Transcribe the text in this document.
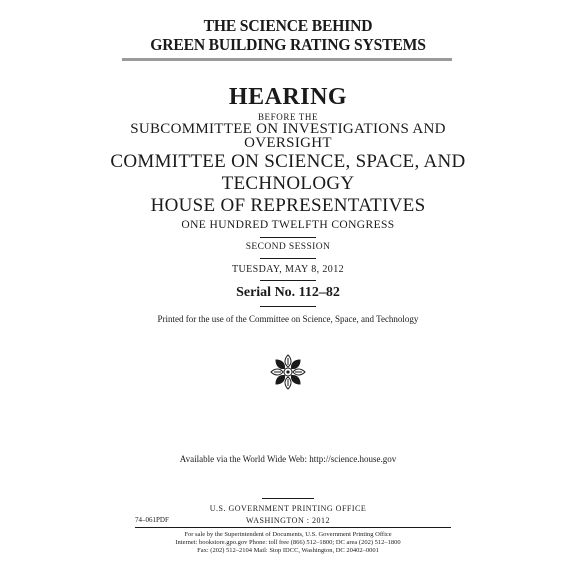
THE SCIENCE BEHIND
GREEN BUILDING RATING SYSTEMS
HEARING
BEFORE THE
SUBCOMMITTEE ON INVESTIGATIONS AND
OVERSIGHT
COMMITTEE ON SCIENCE, SPACE, AND
TECHNOLOGY
HOUSE OF REPRESENTATIVES
ONE HUNDRED TWELFTH CONGRESS
SECOND SESSION
TUESDAY, MAY 8, 2012
Serial No. 112–82
Printed for the use of the Committee on Science, Space, and Technology
Available via the World Wide Web: http://science.house.gov
U.S. GOVERNMENT PRINTING OFFICE
74–061PDF	WASHINGTON : 2012
For sale by the Superintendent of Documents, U.S. Government Printing Office
Internet: bookstore.gpo.gov Phone: toll free (866) 512–1800; DC area (202) 512–1800
Fax: (202) 512–2104 Mail: Stop IDCC, Washington, DC 20402–0001
